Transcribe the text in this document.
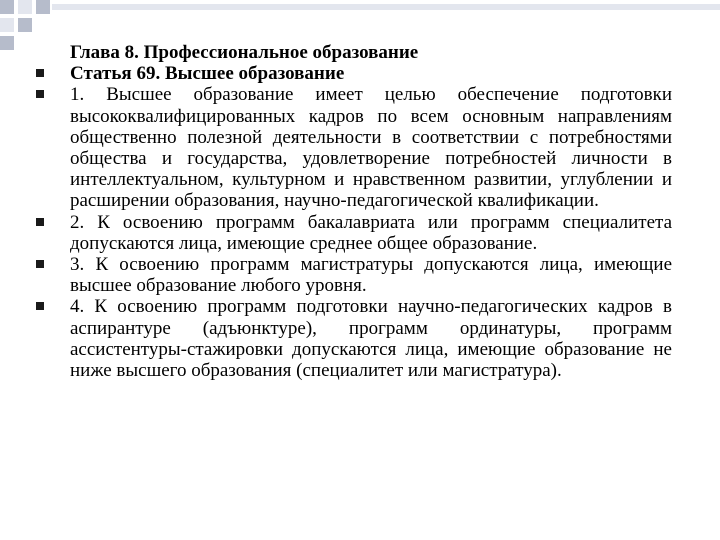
Глава 8. Профессиональное образование
Статья 69. Высшее образование
1. Высшее образование имеет целью обеспечение подготовки высококвалифицированных кадров по всем основным направлениям общественно полезной деятельности в соответствии с потребностями общества и государства, удовлетворение потребностей личности в интеллектуальном, культурном и нравственном развитии, углублении и расширении образования, научно-педагогической квалификации.
2. К освоению программ бакалавриата или программ специалитета допускаются лица, имеющие среднее общее образование.
3. К освоению программ магистратуры допускаются лица, имеющие высшее образование любого уровня.
4. К освоению программ подготовки научно-педагогических кадров в аспирантуре (адъюнктуре), программ ординатуры, программ ассистентуры-стажировки допускаются лица, имеющие образование не ниже высшего образования (специалитет или магистратура).
